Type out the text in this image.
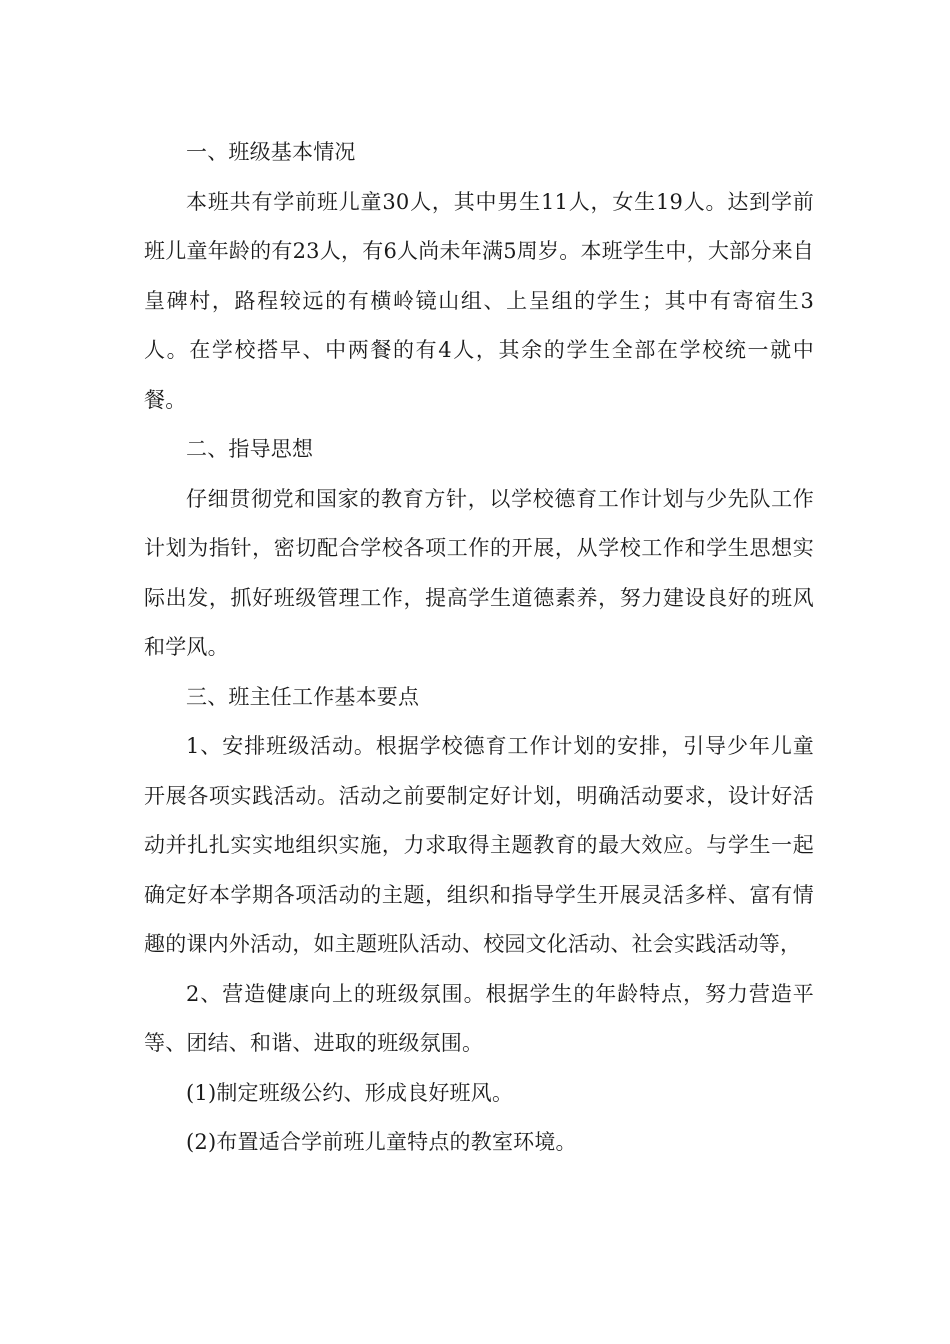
一、班级基本情况

本班共有学前班儿童30人，其中男生11人，女生19人。达到学前班儿童年龄的有23人，有6人尚未年满5周岁。本班学生中，大部分来自皇碑村，路程较远的有横岭镜山组、上呈组的学生；其中有寄宿生3人。在学校搭早、中两餐的有4人，其余的学生全部在学校统一就中餐。

二、指导思想

仔细贯彻党和国家的教育方针，以学校德育工作计划与少先队工作计划为指针，密切配合学校各项工作的开展，从学校工作和学生思想实际出发，抓好班级管理工作，提高学生道德素养，努力建设良好的班风和学风。

三、班主任工作基本要点

1、安排班级活动。根据学校德育工作计划的安排，引导少年儿童开展各项实践活动。活动之前要制定好计划，明确活动要求，设计好活动并扎扎实实地组织实施，力求取得主题教育的最大效应。与学生一起确定好本学期各项活动的主题，组织和指导学生开展灵活多样、富有情趣的课内外活动，如主题班队活动、校园文化活动、社会实践活动等，

2、营造健康向上的班级氛围。根据学生的年龄特点，努力营造平等、团结、和谐、进取的班级氛围。

(1)制定班级公约、形成良好班风。

(2)布置适合学前班儿童特点的教室环境。
